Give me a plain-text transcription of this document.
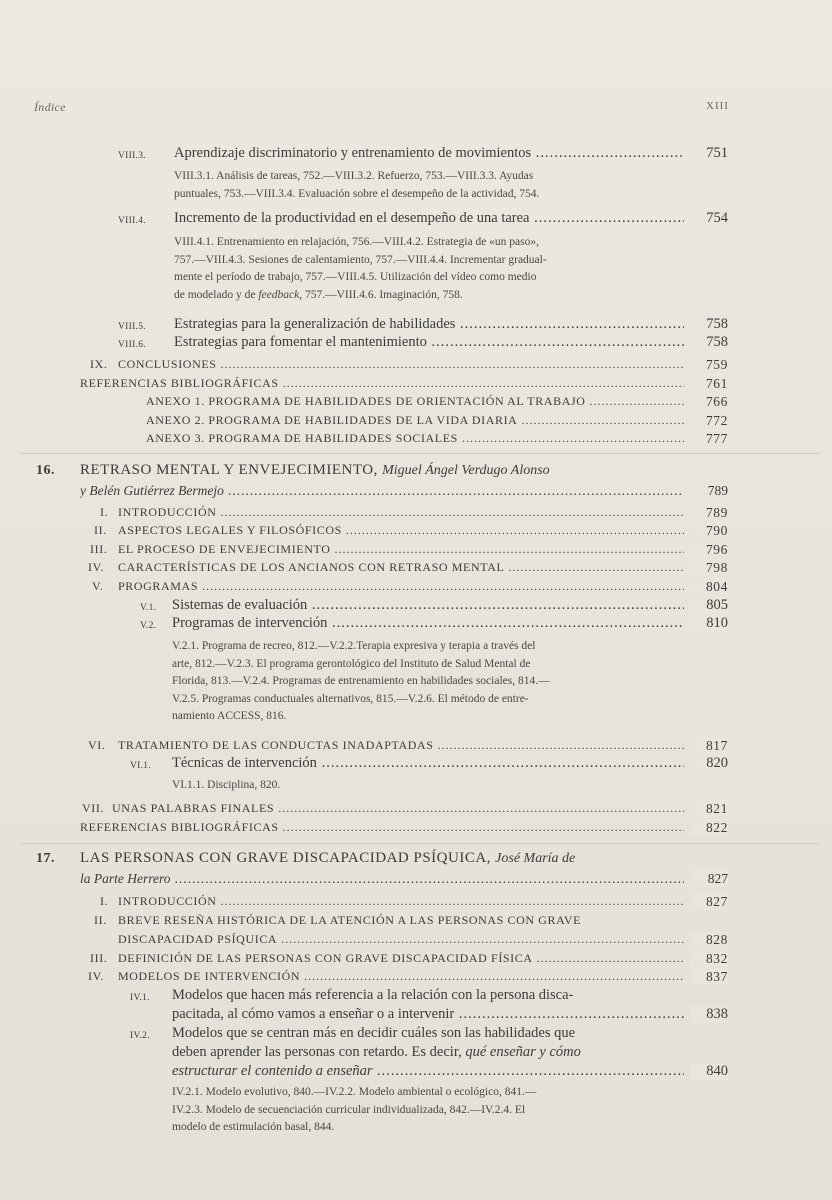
Índice	XIII
VIII.3. Aprendizaje discriminatorio y entrenamiento de movimientos .....	751
VIII.3.1. Análisis de tareas, 752.—VIII.3.2. Refuerzo, 753.—VIII.3.3. Ayudas
puntuales, 753.—VIII.3.4. Evaluación sobre el desempeño de la actividad, 754.
VIII.4. Incremento de la productividad en el desempeño de una tarea .....	754
VIII.4.1. Entrenamiento en relajación, 756.—VIII.4.2. Estrategia de «un paso»,
757.—VIII.4.3. Sesiones de calentamiento, 757.—VIII.4.4. Incrementar gradual-
mente el período de trabajo, 757.—VIII.4.5. Utilización del vídeo como medio
de modelado y de feedback, 757.—VIII.4.6. Imaginación, 758.
VIII.5. Estrategias para la generalización de habilidades .....	758
VIII.6. Estrategias para fomentar el mantenimiento .....	758
IX. CONCLUSIONES .....	759
REFERENCIAS BIBLIOGRÁFICAS .....	761
ANEXO 1. PROGRAMA DE HABILIDADES DE ORIENTACIÓN AL TRABAJO .....	766
ANEXO 2. PROGRAMA DE HABILIDADES DE LA VIDA DIARIA .....	772
ANEXO 3. PROGRAMA DE HABILIDADES SOCIALES .....	777
16. RETRASO MENTAL Y ENVEJECIMIENTO, Miguel Ángel Verdugo Alonso
y Belén Gutiérrez Bermejo .....	789
I. INTRODUCCIÓN .....	789
II. ASPECTOS LEGALES Y FILOSÓFICOS .....	790
III. EL PROCESO DE ENVEJECIMIENTO .....	796
IV. CARACTERÍSTICAS DE LOS ANCIANOS CON RETRASO MENTAL .....	798
V. PROGRAMAS .....	804
V.1. Sistemas de evaluación .....	805
V.2. Programas de intervención .....	810
V.2.1. Programa de recreo, 812.—V.2.2.Terapia expresiva y terapia a través del
arte, 812.—V.2.3. El programa gerontológico del Instituto de Salud Mental de
Florida, 813.—V.2.4. Programas de entrenamiento en habilidades sociales, 814.—
V.2.5. Programas conductuales alternativos, 815.—V.2.6. El método de entre-
namiento ACCESS, 816.
VI. TRATAMIENTO DE LAS CONDUCTAS INADAPTADAS .....	817
VI.1. Técnicas de intervención .....	820
VI.1.1. Disciplina, 820.
VII. UNAS PALABRAS FINALES .....	821
REFERENCIAS BIBLIOGRÁFICAS .....	822
17. LAS PERSONAS CON GRAVE DISCAPACIDAD PSÍQUICA, José María de
la Parte Herrero .....	827
I. INTRODUCCIÓN .....	827
II. BREVE RESEÑA HISTÓRICA DE LA ATENCIÓN A LAS PERSONAS CON GRAVE
DISCAPACIDAD PSÍQUICA .....	828
III. DEFINICIÓN DE LAS PERSONAS CON GRAVE DISCAPACIDAD FÍSICA .....	832
IV. MODELOS DE INTERVENCIÓN .....	837
IV.1. Modelos que hacen más referencia a la relación con la persona disca-
pacitada, al cómo vamos a enseñar o a intervenir .....	838
IV.2. Modelos que se centran más en decidir cuáles son las habilidades que
deben aprender las personas con retardo. Es decir, qué enseñar y cómo
estructurar el contenido a enseñar .....	840
IV.2.1. Modelo evolutivo, 840.—IV.2.2. Modelo ambiental o ecológico, 841.—
IV.2.3. Modelo de secuenciación curricular individualizada, 842.—IV.2.4. El
modelo de estimulación basal, 844.
